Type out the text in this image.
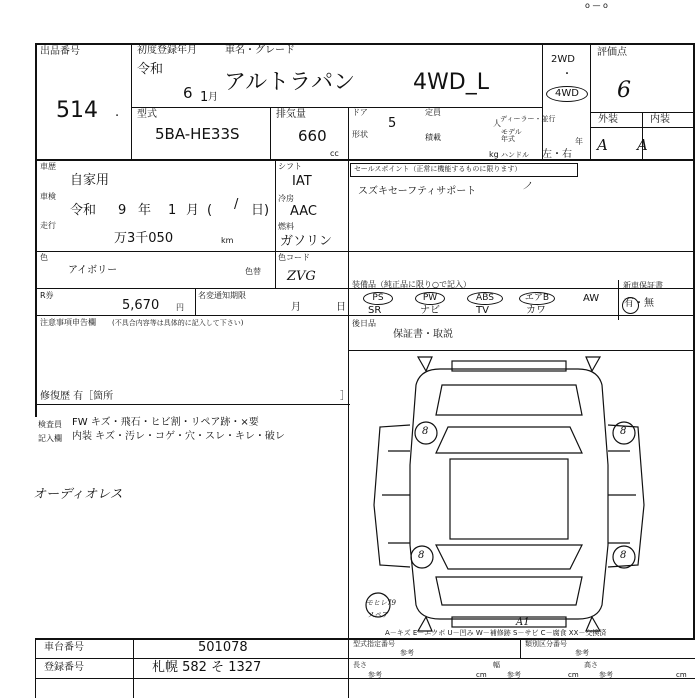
o — o
出品番号
514 .
初度登録年月	車名・グレード
令和
6 1 月
アルトラパン	4WD_L
2WD
・
4WD
評価点
6
外装	内装
A A
型式
5BA-HE33S
排気量
660
cc
ドア
5
形状
定員
人
積載
kg
ディーラー・並行
モデル年式	年
ハンドル 左・右
車歴
自家用
車検
令和 9 年 1 月 ( / 日)
走行
万3千050	km
シフト
IAT
冷房
AAC
燃料
ガソリン
セールスポイント（正常に機能するものに限ります）
スズキセーフティサポート	ノ
色
アイボリー	色替
色コード
ZVG
R券
5,670 円
名変通知期限
月	日
装備品（純正品に限り○で記入）
PS	PW	ABS	エアB	AW
SR	ナビ	TV	カワ
新車保証書
有・無
注意事項申告欄 (不具合内容等は具体的に記入して下さい)
修復歴 有［箇所	］
後日品
保証書・取説
検査員記入欄
FW キズ・飛石・ヒビ割・リペア跡・×要
内装 キズ・汚レ・コゲ・穴・スレ・キレ・破レ
オーディオレス
8	8
8	8
モヒレ79
スペア
A1
A－キズ E－エクボ U－凹み W－補修跡 S－サビ C－腐食 XX－交換済
車台番号	501078
登録番号	札幌 582 そ 1327
型式指定番号
参考
類別区分番号
参考
長さ
参考	cm
幅
参考	cm
高さ
参考	cm
